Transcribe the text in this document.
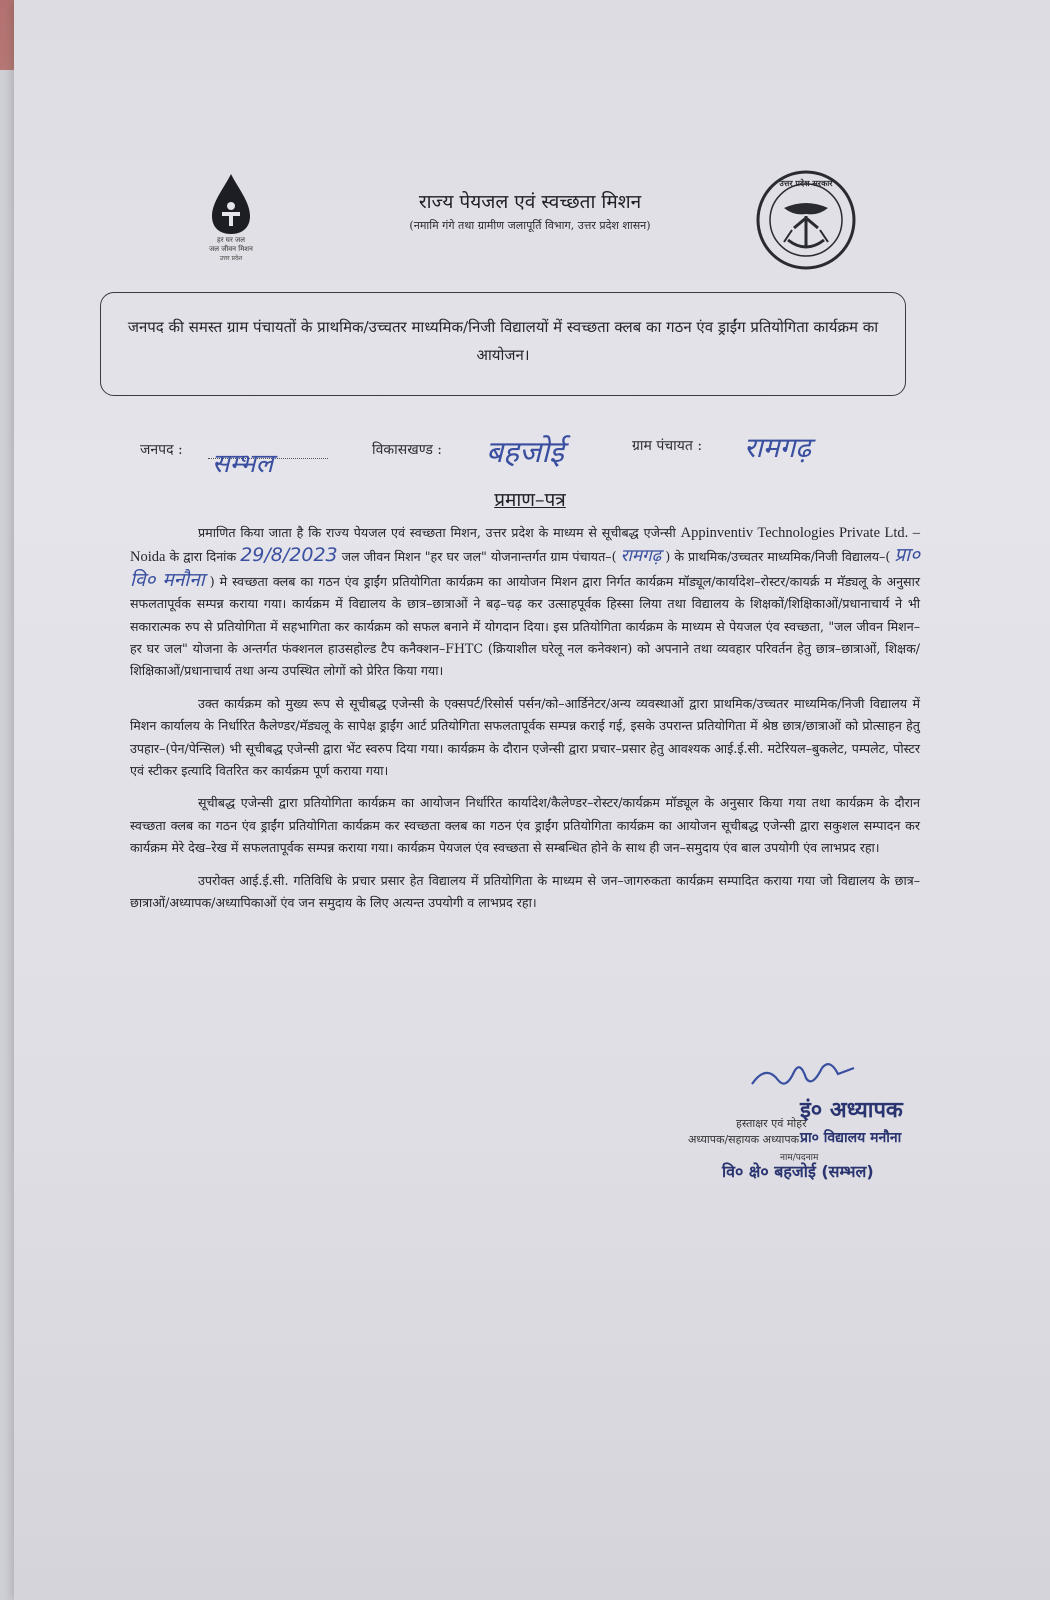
हर घर जल
जल जीवन मिशन
उत्तर प्रदेश
उत्तर प्रदेश सरकार
राज्य पेयजल एवं स्वच्छता मिशन
(नमामि गंगे तथा ग्रामीण जलापूर्ति विभाग, उत्तर प्रदेश शासन)
जनपद की समस्त ग्राम पंचायतों के प्राथमिक/उच्चतर माध्यमिक/निजी विद्यालयों में स्वच्छता क्लब का गठन एंव ड्राईंग प्रतियोगिता कार्यक्रम का आयोजन।
जनपद : सम्भल	विकासखण्ड : बहजोई	ग्राम पंचायत : रामगढ़
प्रमाण–पत्र

प्रमाणित किया जाता है कि राज्य पेयजल एवं स्वच्छता मिशन, उत्तर प्रदेश के माध्यम से सूचीबद्ध एजेन्सी Appinventiv Technologies Private Ltd. – Noida के द्वारा दिनांक 29/8/2023 जल जीवन मिशन "हर घर जल" योजनान्तर्गत ग्राम पंचायत–( रामगढ़ ) के प्राथमिक/उच्चतर माध्यमिक/निजी विद्यालय–( प्रा० वि० मनौना ) मे स्वच्छता क्लब का गठन एंव ड्राईंग प्रतियोगिता कार्यक्रम का आयोजन मिशन द्वारा निर्गत कार्यक्रम मॉड्यूल/कार्यादेश–रोस्टर/कायर्क्र म मॅड्यलू के अनुसार सफलतापूर्वक सम्पन्न कराया गया। कार्यक्रम में विद्यालय के छात्र–छात्राओं ने बढ़–चढ़ कर उत्साहपूर्वक हिस्सा लिया तथा विद्यालय के शिक्षकों/शिक्षिकाओं/प्रधानाचार्य ने भी सकारात्मक रुप से प्रतियोगिता में सहभागिता कर कार्यक्रम को सफल बनाने में योगदान दिया। इस प्रतियोगिता कार्यक्रम के माध्यम से पेयजल एंव स्वच्छता, "जल जीवन मिशन–हर घर जल" योजना के अन्तर्गत फंक्शनल हाउसहोल्ड टैप कनैक्शन–FHTC (क्रियाशील घरेलू नल कनेक्शन) को अपनाने तथा व्यवहार परिवर्तन हेतु छात्र–छात्राओं, शिक्षक/शिक्षिकाओं/प्रधानाचार्य तथा अन्य उपस्थित लोगों को प्रेरित किया गया।

उक्त कार्यक्रम को मुख्य रूप से सूचीबद्ध एजेन्सी के एक्सपर्ट/रिसोर्स पर्सन/को–आर्डिनेटर/अन्य व्यवस्थाओं द्वारा प्राथमिक/उच्चतर माध्यमिक/निजी विद्यालय में मिशन कार्यालय के निर्धारित कैलेण्डर/मॅड्यलू के सापेक्ष ड्राईंग आर्ट प्रतियोगिता सफलतापूर्वक सम्पन्न कराई गई, इसके उपरान्त प्रतियोगिता में श्रेष्ठ छात्र/छात्राओं को प्रोत्साहन हेतु उपहार–(पेन/पेन्सिल) भी सूचीबद्ध एजेन्सी द्वारा भेंट स्वरुप दिया गया। कार्यक्रम के दौरान एजेन्सी द्वारा प्रचार–प्रसार हेतु आवश्यक आई.ई.सी. मटेरियल–बुकलेट, पम्पलेट, पोस्टर एवं स्टीकर इत्यादि वितरित कर कार्यक्रम पूर्ण कराया गया।

सूचीबद्ध एजेन्सी द्वारा प्रतियोगिता कार्यक्रम का आयोजन निर्धारित कार्यादेश/कैलेण्डर–रोस्टर/कार्यक्रम मॉड्यूल के अनुसार किया गया तथा कार्यक्रम के दौरान स्वच्छता क्लब का गठन एंव ड्राईंग प्रतियोगिता कार्यक्रम कर स्वच्छता क्लब का गठन एंव ड्राईंग प्रतियोगिता कार्यक्रम का आयोजन सूचीबद्ध एजेन्सी द्वारा सकुशल सम्पादन कर कार्यक्रम मेरे देख–रेख में सफलतापूर्वक सम्पन्न कराया गया। कार्यक्रम पेयजल एंव स्वच्छता से सम्बन्धित होने के साथ ही जन–समुदाय एंव बाल उपयोगी एंव लाभप्रद रहा।

उपरोक्त आई.ई.सी. गतिविधि के प्रचार प्रसार हेत विद्यालय में प्रतियोगिता के माध्यम से जन–जागरुकता कार्यक्रम सम्पादित कराया गया जो विद्यालय के छात्र–छात्राओं/अध्यापक/अध्यापिकाओं एंव जन समुदाय के लिए अत्यन्त उपयोगी व लाभप्रद रहा।

हस्ताक्षर एवं मोहर
इं० अध्यापक
अध्यापक/सहायक अध्यापक प्रा० विद्यालय मनौना
नाम/पदनाम
वि० क्षे० बहजोई (सम्भल)
